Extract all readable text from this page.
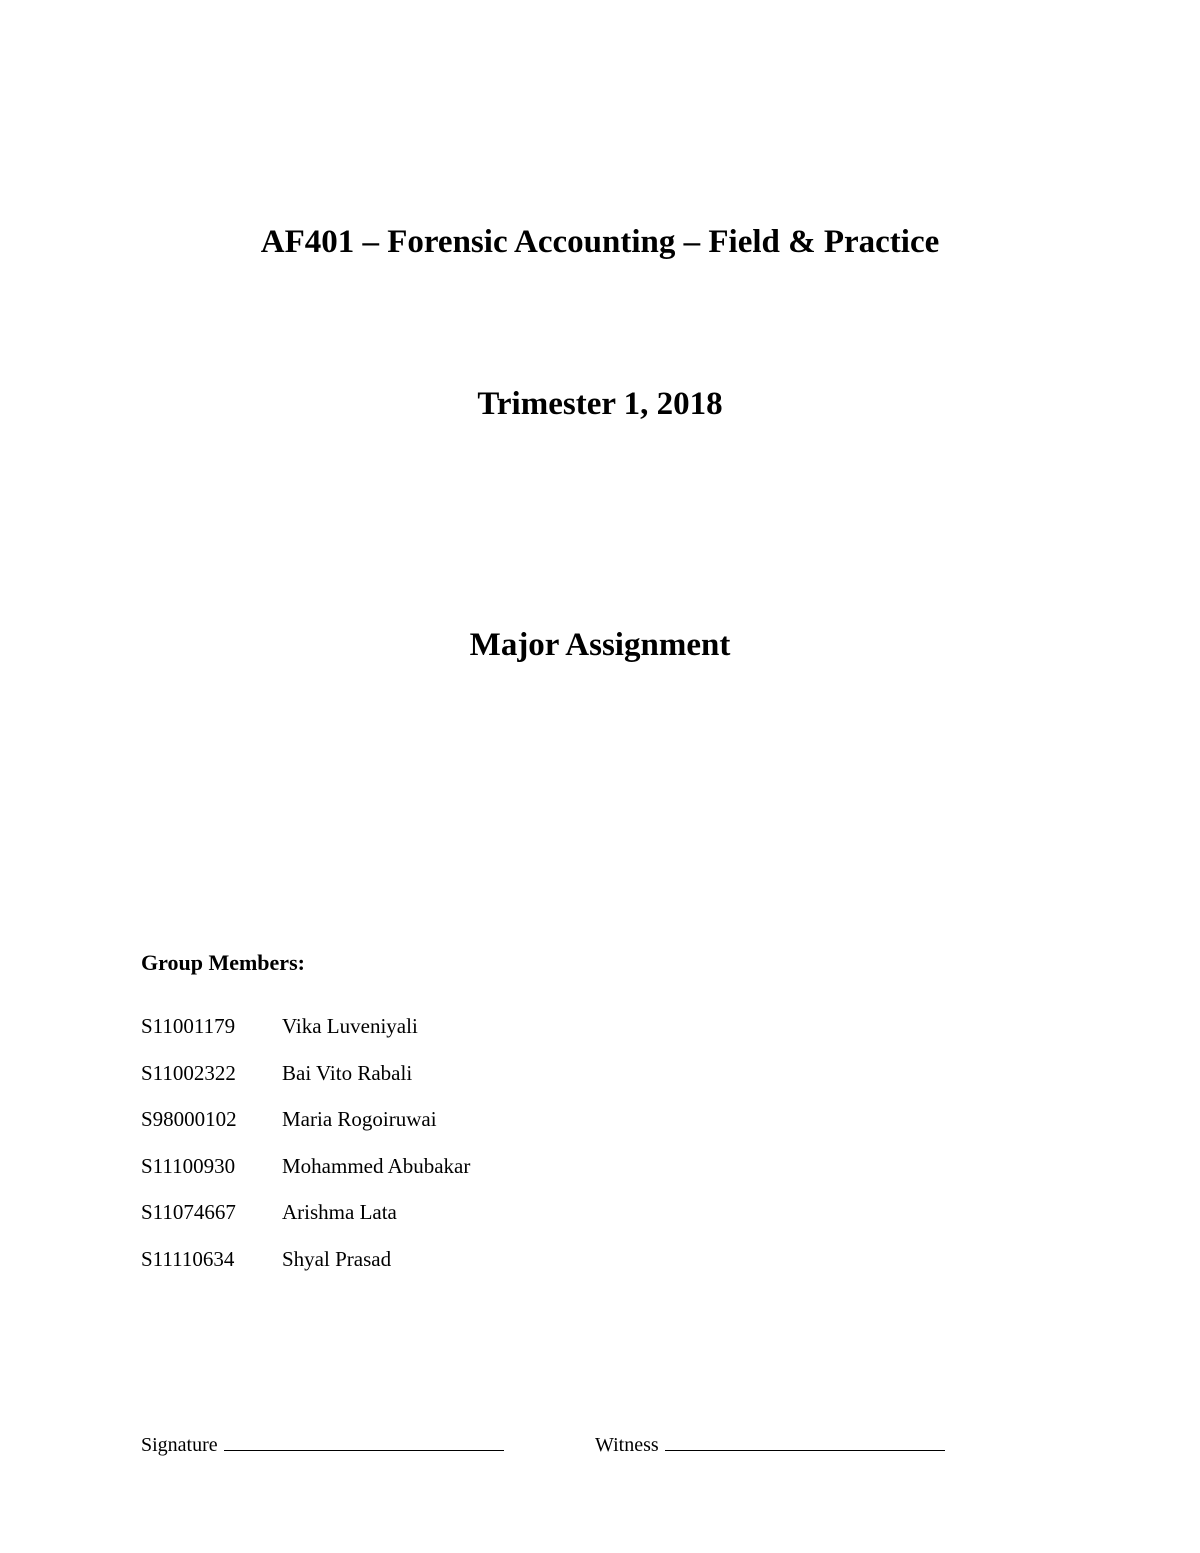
AF401 – Forensic Accounting – Field & Practice
Trimester 1, 2018
Major Assignment

Group Members:

S11001179 Vika Luveniyali
S11002322 Bai Vito Rabali
S98000102 Maria Rogoiruwai
S11100930 Mohammed Abubakar
S11074667 Arishma Lata
S11110634 Shyal Prasad
Signature	Witness
